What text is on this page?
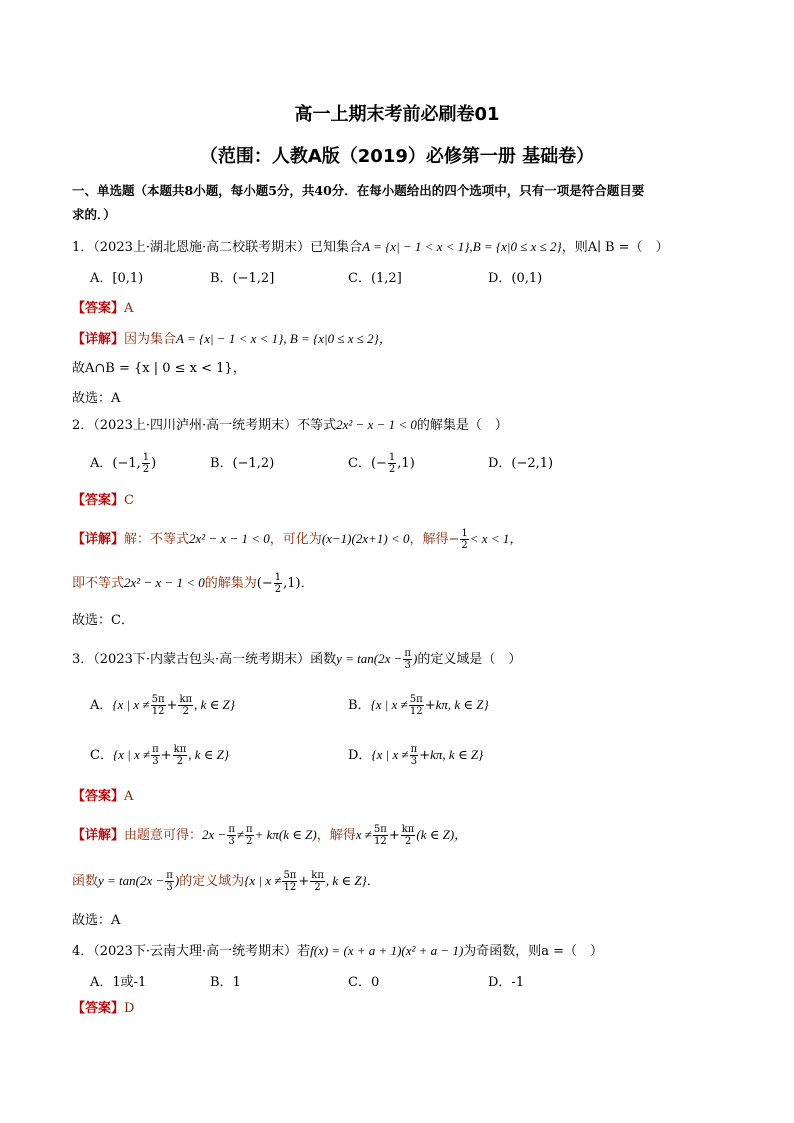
高一上期末考前必刷卷01
（范围：人教A版（2019）必修第一册 基础卷）
一、单选题（本题共8小题，每小题5分，共40分．在每小题给出的四个选项中，只有一项是符合题目要
求的．）
1．（2023上·湖北恩施·高二校联考期末）已知集合A = {x| − 1 < x < 1},B = {x|0 ≤ x ≤ 2}，则A∣ B =（　）
A．[0,1)	B．(−1,2]	C．(1,2]	D．(0,1)
【答案】A
【详解】因为集合A = {x| − 1 < x < 1}, B = {x|0 ≤ x ≤ 2}，
故A∩B = {x | 0 ≤ x < 1}，
故选：A
2．（2023上·四川泸州·高一统考期末）不等式2x² − x − 1 < 0的解集是（　）
A．(−1, $\frac{1}{2}$ )	B．(−1,2)	C．(− $\frac{1}{2} ,1$)	D．(−2,1)
【答案】C
【详解】解：不等式2x² − x − 1 < 0，可化为(x−1)(2x+1) < 0，解得− $\frac{1}{2} < x < 1$，
即不等式2x² − x − 1 < 0的解集为(− $\frac{1}{2} ,1$)．
故选：C．
3．（2023下·内蒙古包头·高一统考期末）函数$y = \tan(2x - \frac{\pi}{3}$ )的定义域是（　）
A．{x | $x \ne \frac{5\pi}{12} + \frac{k\pi}{2}$ , k ∈ Z}	B．{x | $x \ne \frac{5\pi}{12} +k\pi$, k ∈ Z}
C．{x | $x \ne \frac{\pi}{3} + \frac{k\pi}{2}$ , k ∈ Z}	D．{x | $x \ne \frac{\pi}{3} +k\pi$, k ∈ Z}
【答案】A
【详解】由题意可得：$2x - \frac{\pi}{3} \ne \frac{\pi}{2} + k\pi(k$ ∈ Z)，解得$x \ne \frac{5\pi}{12} + \frac{k\pi}{2} (k$ ∈ Z)，
函数$y = \tan(2x - \frac{\pi}{3}$ )的定义域为{x | $x \ne \frac{5\pi}{12} + \frac{k\pi}{2}$ , k ∈ Z}．
故选：A
4．（2023下·云南大理·高一统考期末）若f(x) = (x + a + 1)(x² + a − 1)为奇函数，则a =（　）
A．1或-1	B．1	C．0	D．-1
【答案】D
